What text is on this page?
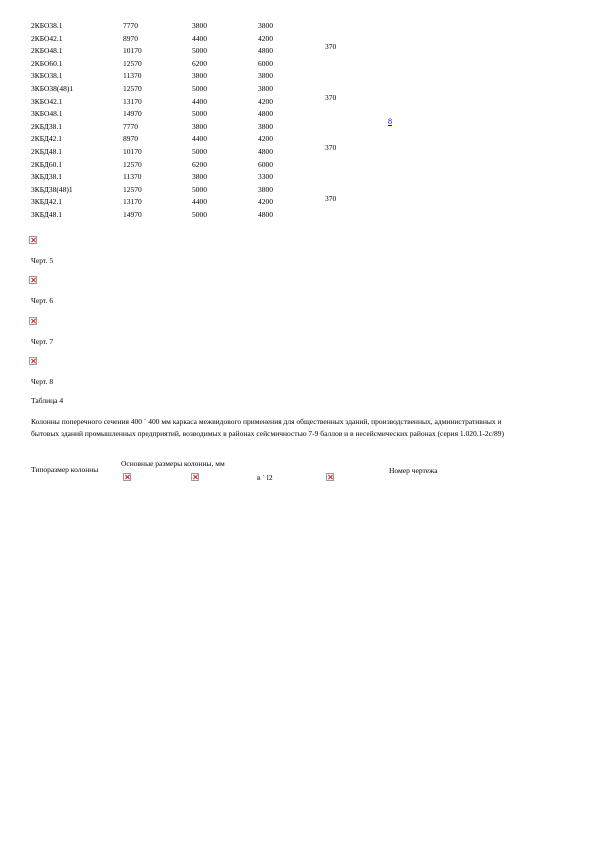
2КБО38.1	7770	3800	3800
2КБО42.1	8970	4400	4200
2КБО48.1	10170	5000	4800
2КБО60.1	12570	6200	6000
3КБО38.1	11370	3800	3800
3КБО38(48)1	12570	5000	3800
3КБО42.1	13170	4400	4200
3КБО48.1	14970	5000	4800
2КБД38.1	7770	3800	3800
2КБД42.1	8970	4400	4200
2КБД48.1	10170	5000	4800
2КБД60.1	12570	6200	6000
3КБД38.1	11370	3800	3300
3КБД38(48)1	12570	5000	3800
3КБД42.1	13170	4400	4200
3КБД48.1	14970	5000	4800
370
370
370
370
8
Черт. 5
Черт. 6
Черт. 7
Черт. 8
Таблица 4
Колонны поперечного сечения 400 ´ 400 мм каркаса межвидового применения для общественных зданий, производственных, административных и бытовых зданий промышленных предприятий, возводимых в районах сейсмичностью 7-9 баллов и в несейсмических районах (серия 1.020.1-2с/89)
Типоразмер колонны
Основные размеры колонны, мм
в ´ l2
Номер чертежа
